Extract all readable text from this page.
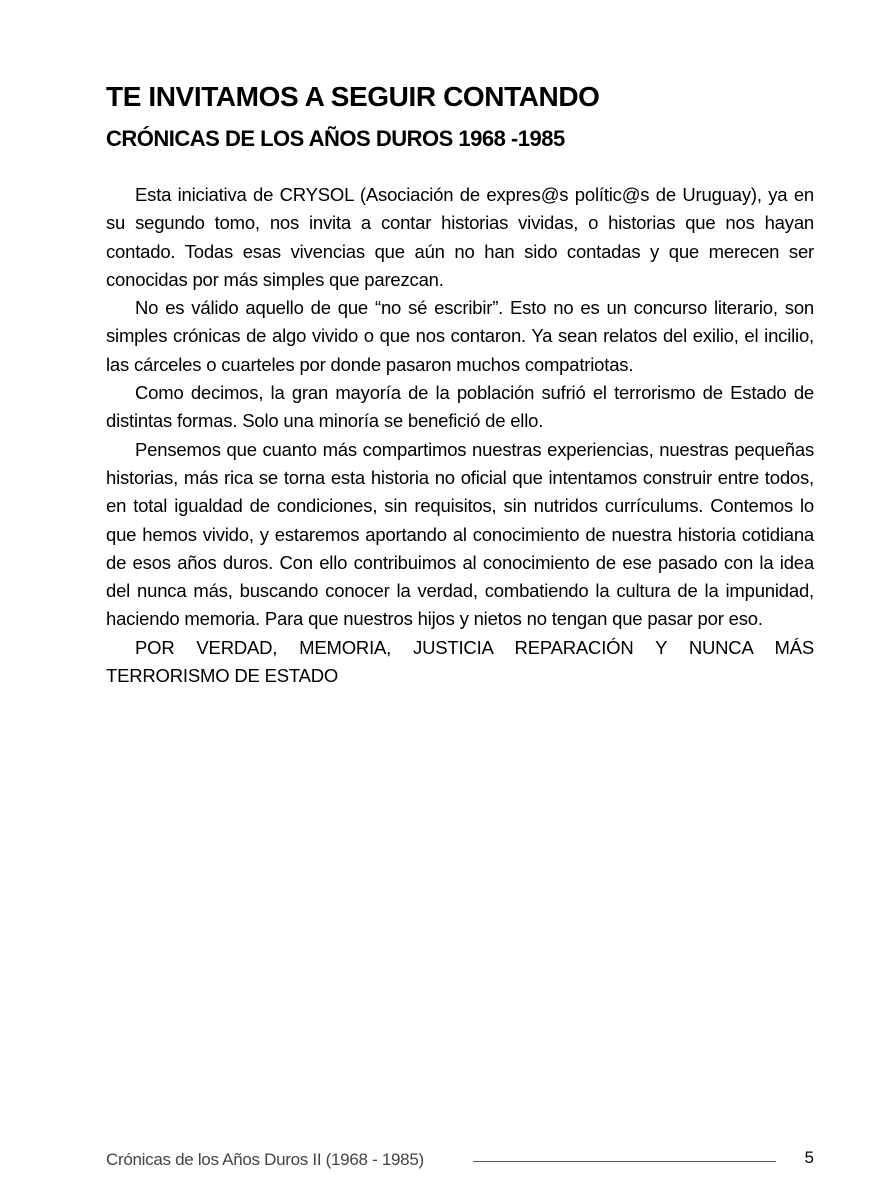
TE INVITAMOS A SEGUIR CONTANDO
CRÓNICAS DE LOS AÑOS DUROS 1968 -1985

Esta iniciativa de CRYSOL (Asociación de expres@s polític@s de Uruguay), ya en su segundo tomo, nos invita a contar historias vividas, o historias que nos hayan contado. Todas esas vivencias que aún no han sido contadas y que merecen ser conocidas por más simples que parezcan.

No es válido aquello de que “no sé escribir”. Esto no es un concurso literario, son simples crónicas de algo vivido o que nos contaron. Ya sean relatos del exilio, el incilio, las cárceles o cuarteles por donde pasaron muchos compatriotas.

Como decimos, la gran mayoría de la población sufrió el terrorismo de Estado de distintas formas. Solo una minoría se benefició de ello.

Pensemos que cuanto más compartimos nuestras experiencias, nuestras pequeñas historias, más rica se torna esta historia no oficial que intentamos construir entre todos, en total igualdad de condiciones, sin requisitos, sin nutridos currículums. Contemos lo que hemos vivido, y estaremos aportando al conocimiento de nuestra historia cotidiana de esos años duros. Con ello contribuimos al conocimiento de ese pasado con la idea del nunca más, buscando conocer la verdad, combatiendo la cultura de la impunidad, haciendo memoria. Para que nuestros hijos y nietos no tengan que pasar por eso.

POR VERDAD, MEMORIA, JUSTICIA REPARACIÓN Y NUNCA MÁS TERRORISMO DE ESTADO

Crónicas de los Años Duros II (1968 - 1985)	5
